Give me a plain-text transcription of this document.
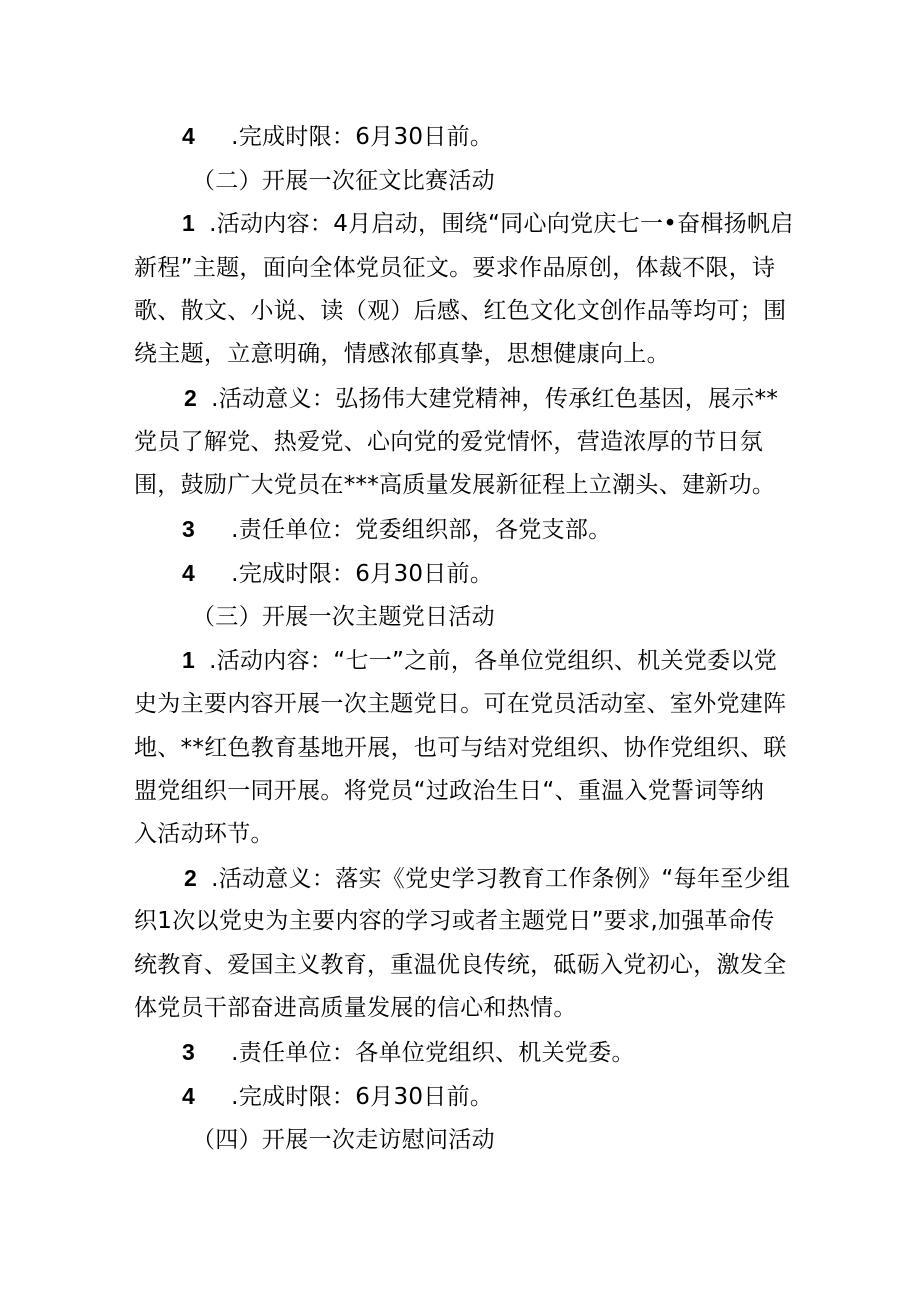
4 .完成时限：6月30日前。
（二）开展一次征文比赛活动
1 .活动内容：4月启动，围绕“同心向党庆七一•奋楫扬帆启
新程”主题，面向全体党员征文。要求作品原创，体裁不限，诗
歌、散文、小说、读（观）后感、红色文化文创作品等均可；围
绕主题，立意明确，情感浓郁真挚，思想健康向上。
2 .活动意义：弘扬伟大建党精神，传承红色基因，展示**
党员了解党、热爱党、心向党的爱党情怀，营造浓厚的节日氛
围，鼓励广大党员在***高质量发展新征程上立潮头、建新功。
3 .责任单位：党委组织部，各党支部。
4 .完成时限：6月30日前。
（三）开展一次主题党日活动
1 .活动内容：“七一”之前，各单位党组织、机关党委以党
史为主要内容开展一次主题党日。可在党员活动室、室外党建阵
地、**红色教育基地开展，也可与结对党组织、协作党组织、联
盟党组织一同开展。将党员“过政治生日“、重温入党誓词等纳
入活动环节。
2 .活动意义：落实《党史学习教育工作条例》“每年至少组
织1次以党史为主要内容的学习或者主题党日”要求,加强革命传
统教育、爱国主义教育，重温优良传统，砥砺入党初心，激发全
体党员干部奋进高质量发展的信心和热情。
3 .责任单位：各单位党组织、机关党委。
4 .完成时限：6月30日前。
（四）开展一次走访慰问活动
